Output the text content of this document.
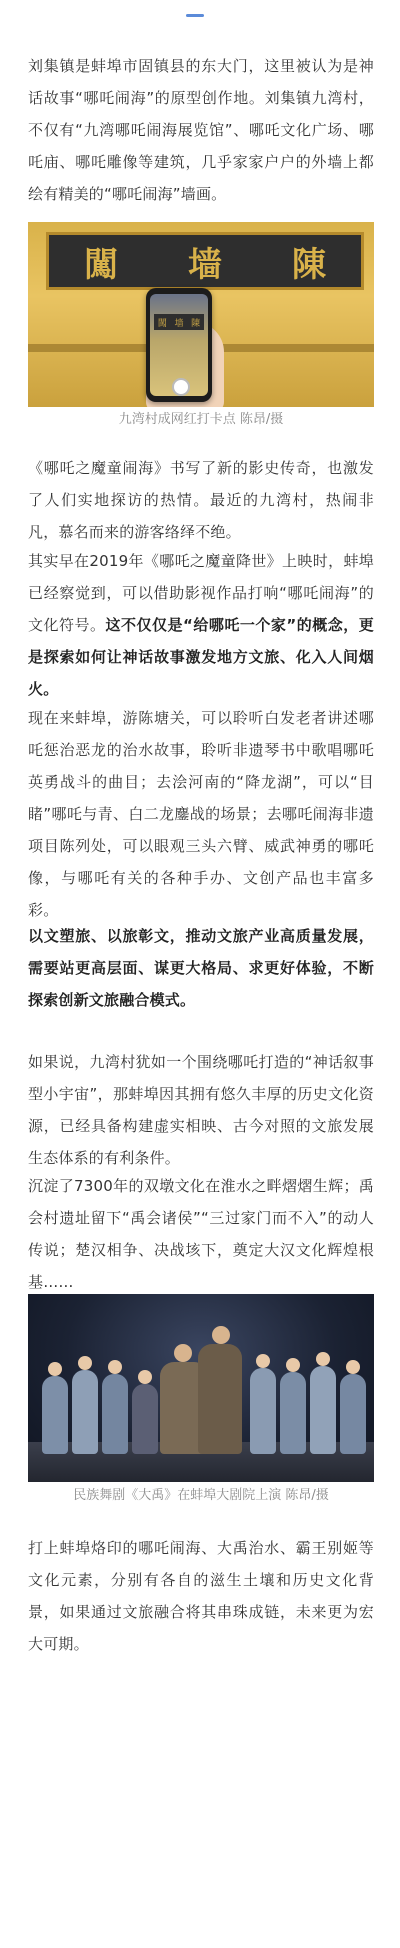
刘集镇是蚌埠市固镇县的东大门，这里被认为是神话故事“哪吒闹海”的原型创作地。刘集镇九湾村，不仅有“九湾哪吒闹海展览馆”、哪吒文化广场、哪吒庙、哪吒雕像等建筑，几乎家家户户的外墙上都绘有精美的“哪吒闹海”墙画。

闖 墙 陳
闖 墙 陳
九湾村成网红打卡点 陈昂/摄

《哪吒之魔童闹海》书写了新的影史传奇，也激发了人们实地探访的热情。最近的九湾村，热闹非凡，慕名而来的游客络绎不绝。

其实早在2019年《哪吒之魔童降世》上映时，蚌埠已经察觉到，可以借助影视作品打响“哪吒闹海”的文化符号。这不仅仅是“给哪吒一个家”的概念，更是探索如何让神话故事激发地方文旅、化入人间烟火。

现在来蚌埠，游陈塘关，可以聆听白发老者讲述哪吒惩治恶龙的治水故事，聆听非遗琴书中歌唱哪吒英勇战斗的曲目；去浍河南的“降龙湖”，可以“目睹”哪吒与青、白二龙鏖战的场景；去哪吒闹海非遗项目陈列处，可以眼观三头六臂、威武神勇的哪吒像，与哪吒有关的各种手办、文创产品也丰富多彩。

以文塑旅、以旅彰文，推动文旅产业高质量发展，需要站更高层面、谋更大格局、求更好体验，不断探索创新文旅融合模式。

如果说，九湾村犹如一个围绕哪吒打造的“神话叙事型小宇宙”，那蚌埠因其拥有悠久丰厚的历史文化资源，已经具备构建虚实相映、古今对照的文旅发展生态体系的有利条件。

沉淀了7300年的双墩文化在淮水之畔熠熠生辉；禹会村遗址留下“禹会诸侯”“三过家门而不入”的动人传说；楚汉相争、决战垓下，奠定大汉文化辉煌根基……

民族舞剧《大禹》在蚌埠大剧院上演 陈昂/摄

打上蚌埠烙印的哪吒闹海、大禹治水、霸王别姬等文化元素，分别有各自的滋生土壤和历史文化背景，如果通过文旅融合将其串珠成链，未来更为宏大可期。
